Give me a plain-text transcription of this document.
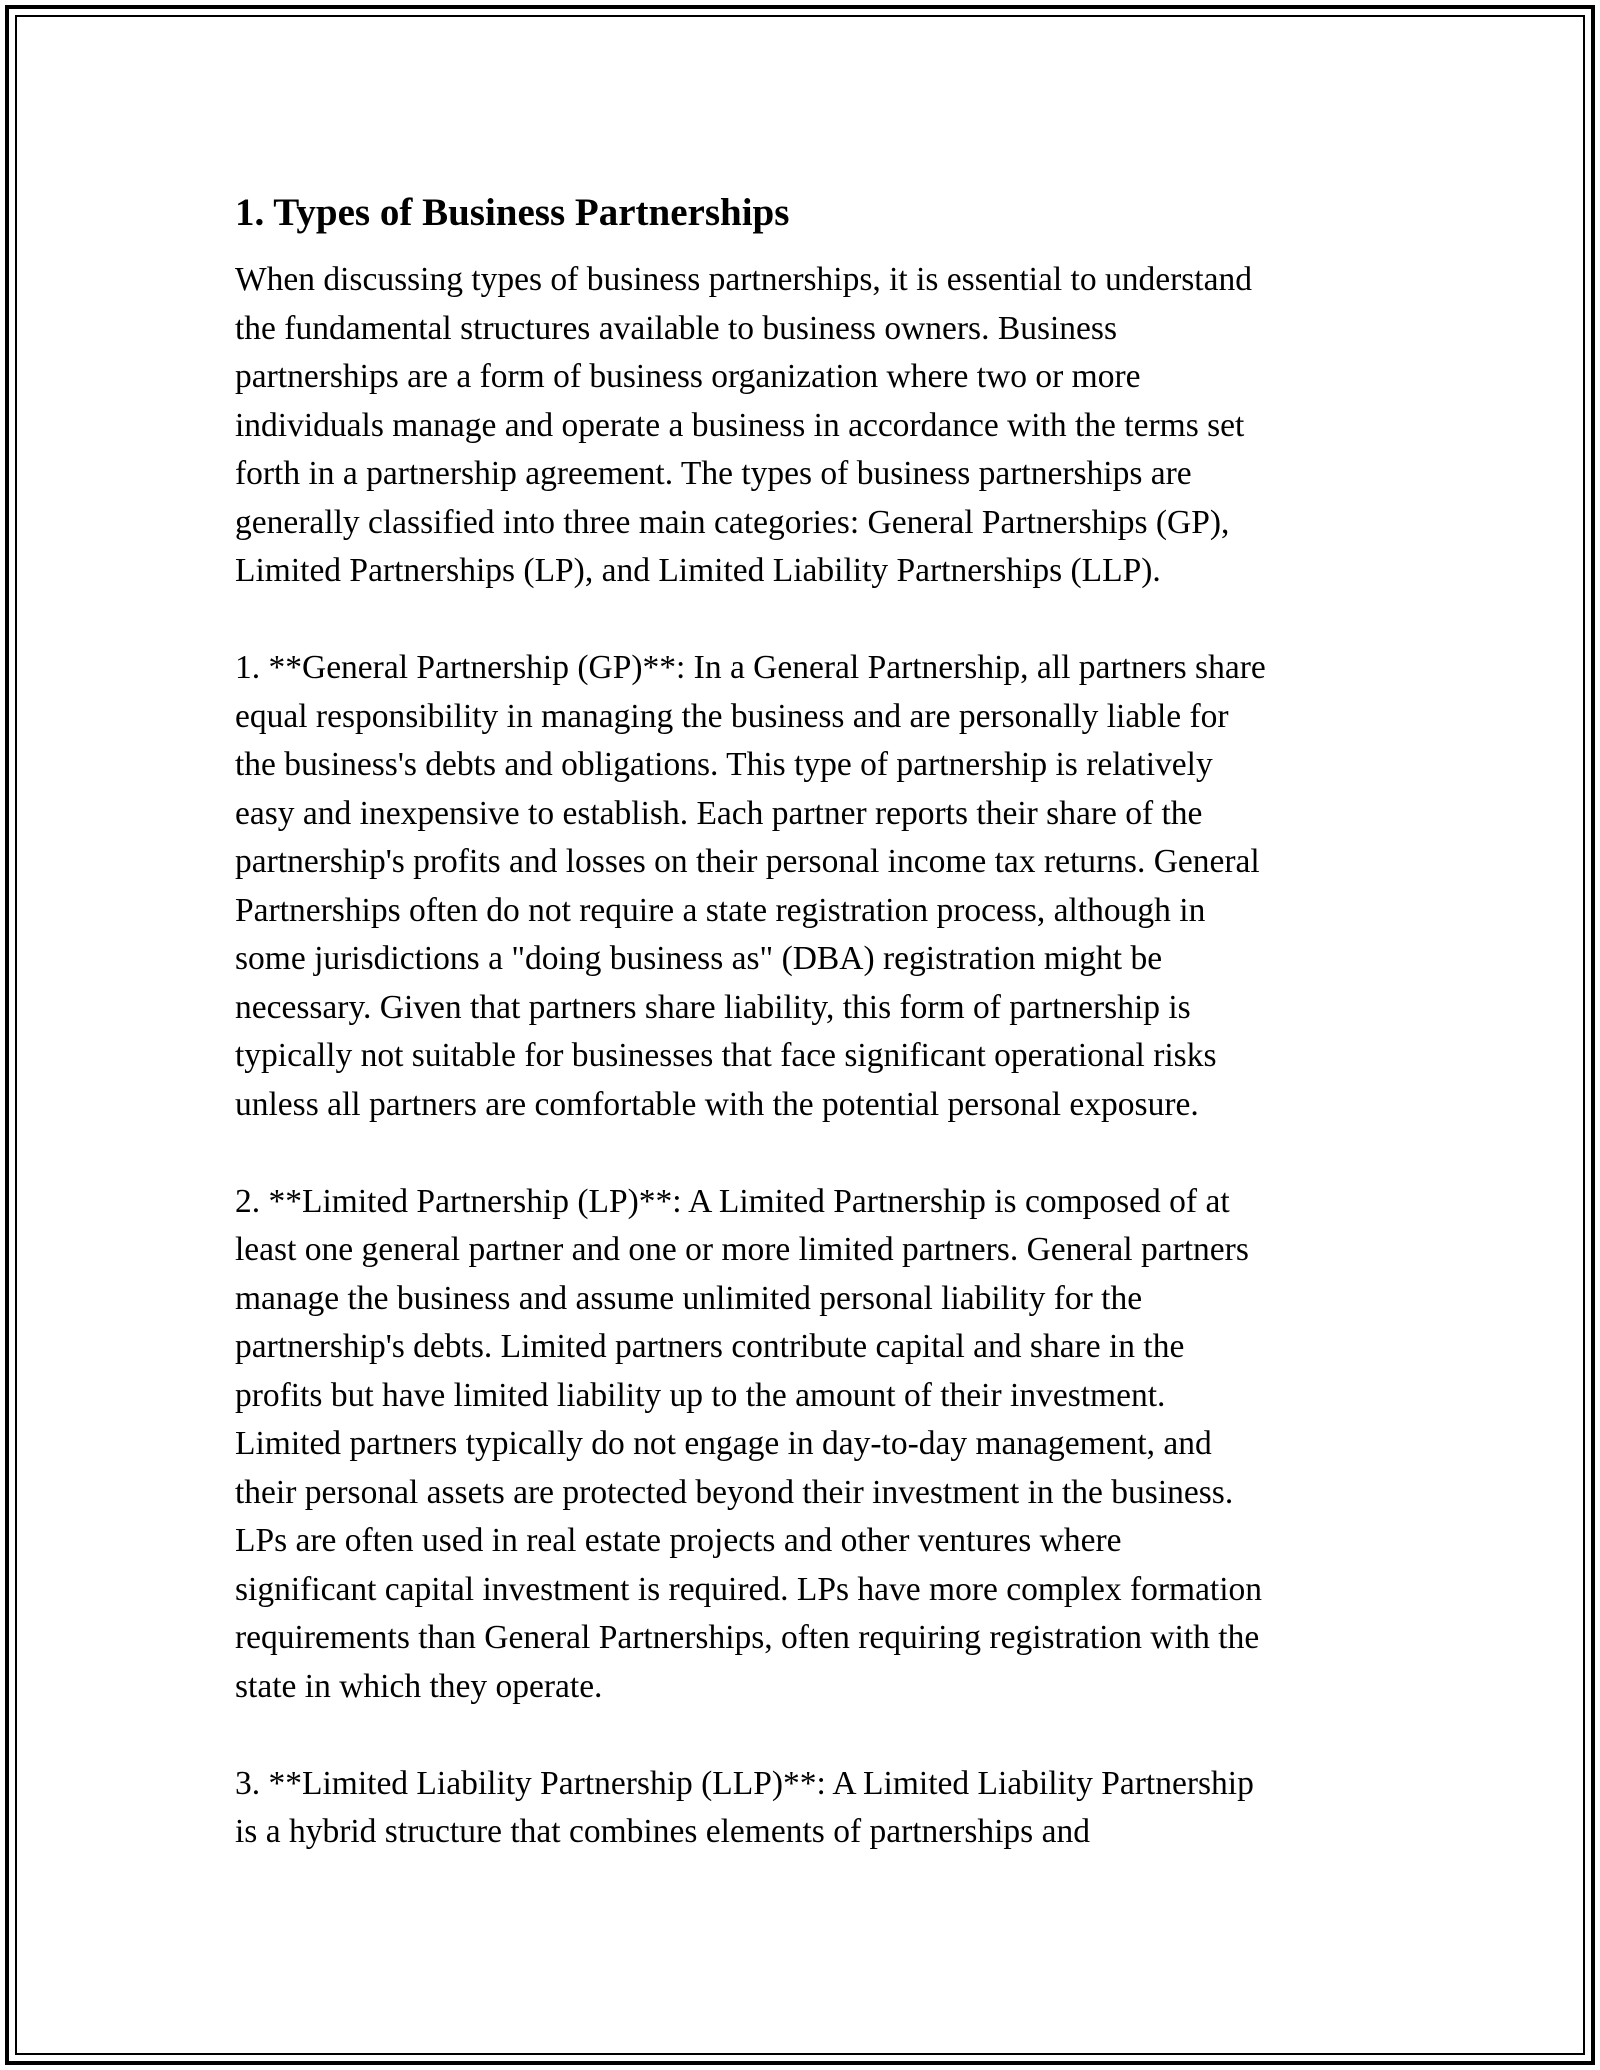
1. Types of Business Partnerships
When discussing types of business partnerships, it is essential to understand
the fundamental structures available to business owners. Business
partnerships are a form of business organization where two or more
individuals manage and operate a business in accordance with the terms set
forth in a partnership agreement. The types of business partnerships are
generally classified into three main categories: General Partnerships (GP),
Limited Partnerships (LP), and Limited Liability Partnerships (LLP).
1. **General Partnership (GP)**: In a General Partnership, all partners share
equal responsibility in managing the business and are personally liable for
the business's debts and obligations. This type of partnership is relatively
easy and inexpensive to establish. Each partner reports their share of the
partnership's profits and losses on their personal income tax returns. General
Partnerships often do not require a state registration process, although in
some jurisdictions a "doing business as" (DBA) registration might be
necessary. Given that partners share liability, this form of partnership is
typically not suitable for businesses that face significant operational risks
unless all partners are comfortable with the potential personal exposure.
2. **Limited Partnership (LP)**: A Limited Partnership is composed of at
least one general partner and one or more limited partners. General partners
manage the business and assume unlimited personal liability for the
partnership's debts. Limited partners contribute capital and share in the
profits but have limited liability up to the amount of their investment.
Limited partners typically do not engage in day-to-day management, and
their personal assets are protected beyond their investment in the business.
LPs are often used in real estate projects and other ventures where
significant capital investment is required. LPs have more complex formation
requirements than General Partnerships, often requiring registration with the
state in which they operate.
3. **Limited Liability Partnership (LLP)**: A Limited Liability Partnership
is a hybrid structure that combines elements of partnerships and
